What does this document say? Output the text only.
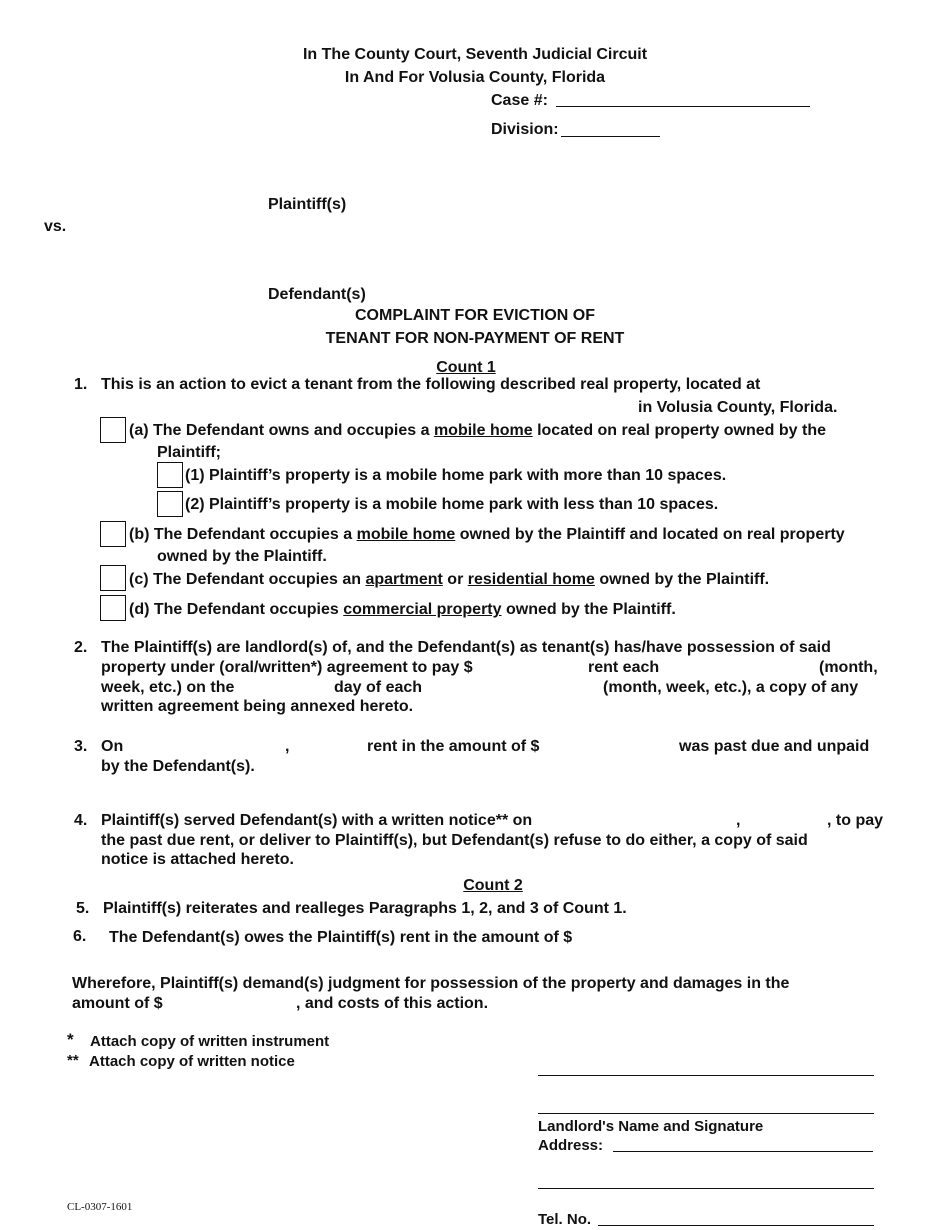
In The County Court, Seventh Judicial Circuit
In And For Volusia County, Florida
Case #:
Division:
Plaintiff(s)
vs.
Defendant(s)
COMPLAINT FOR EVICTION OF
TENANT FOR NON-PAYMENT OF RENT
Count 1
1. This is an action to evict a tenant from the following described real property, located at
in Volusia County, Florida.
(a) The Defendant owns and occupies a mobile home located on real property owned by the
Plaintiff;
(1) Plaintiff’s property is a mobile home park with more than 10 spaces.
(2) Plaintiff’s property is a mobile home park with less than 10 spaces.
(b) The Defendant occupies a mobile home owned by the Plaintiff and located on real property
owned by the Plaintiff.
(c) The Defendant occupies an apartment or residential home owned by the Plaintiff.
(d) The Defendant occupies commercial property owned by the Plaintiff.
2. The Plaintiff(s) are landlord(s) of, and the Defendant(s) as tenant(s) has/have possession of said
property under (oral/written*) agreement to pay $	rent each	(month,
week, etc.) on the	day of each	(month, week, etc.), a copy of any
written agreement being annexed hereto.
3. On	,	rent in the amount of $	was past due and unpaid
by the Defendant(s).
4. Plaintiff(s) served Defendant(s) with a written notice** on	,	, to pay
the past due rent, or deliver to Plaintiff(s), but Defendant(s) refuse to do either, a copy of said
notice is attached hereto.
Count 2
5. Plaintiff(s) reiterates and realleges Paragraphs 1, 2, and 3 of Count 1.
6. The Defendant(s) owes the Plaintiff(s) rent in the amount of $
Wherefore, Plaintiff(s) demand(s) judgment for possession of the property and damages in the
amount of $	, and costs of this action.
* Attach copy of written instrument
** Attach copy of written notice
Landlord's Name and Signature
Address:
Tel. No.
CL-0307-1601
